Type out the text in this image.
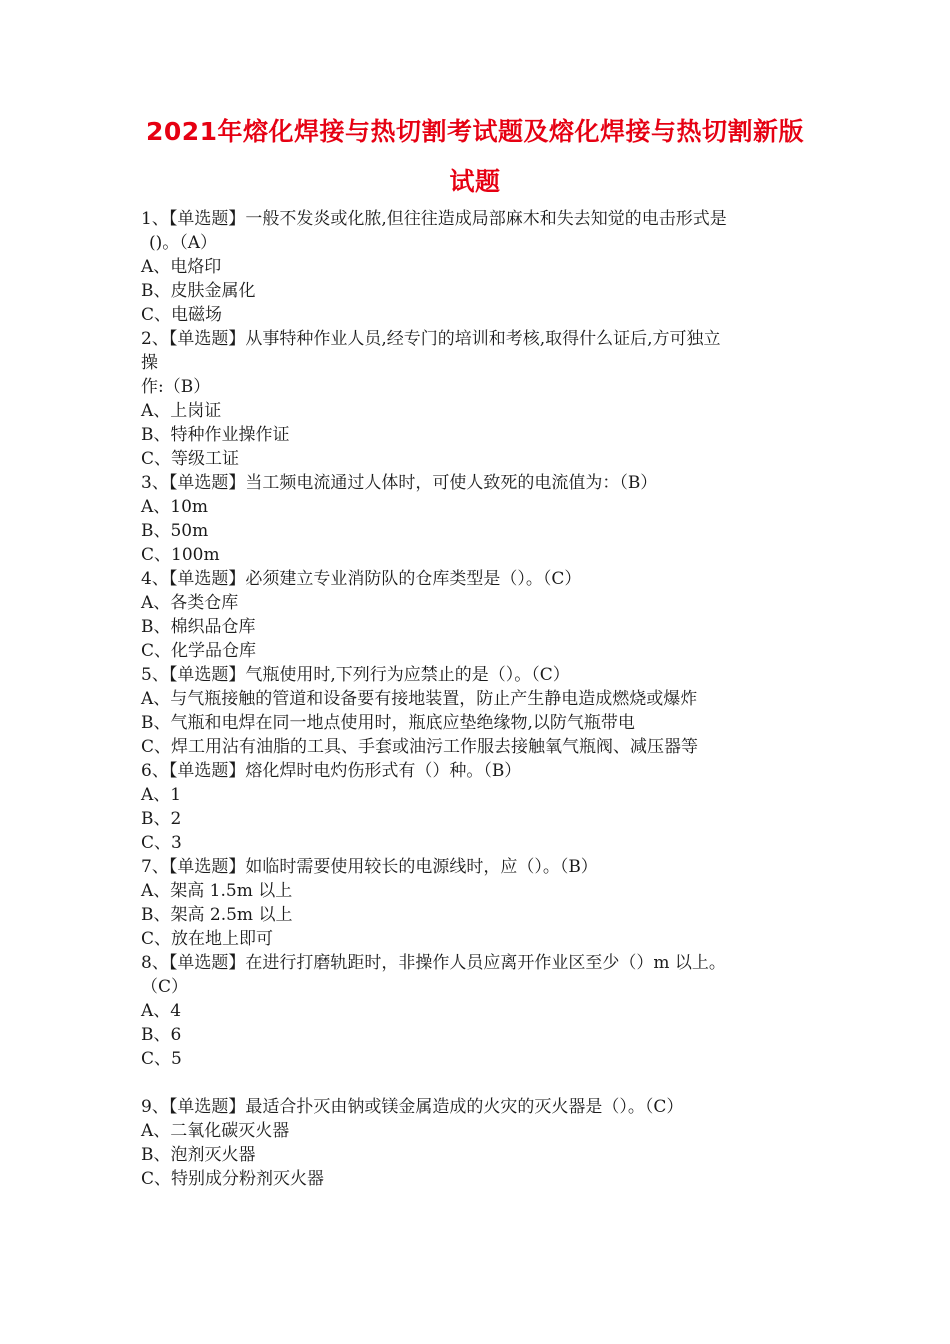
2021年熔化焊接与热切割考试题及熔化焊接与热切割新版
试题
1、【单选题】一般不发炎或化脓,但往往造成局部麻木和失去知觉的电击形式是
()。（A）
A、电烙印
B、皮肤金属化
C、电磁场
2、【单选题】从事特种作业人员,经专门的培训和考核,取得什么证后,方可独立
操
作:（B）
A、上岗证
B、特种作业操作证
C、等级工证
3、【单选题】当工频电流通过人体时，可使人致死的电流值为：（B）
A、10m
B、50m
C、100m
4、【单选题】必须建立专业消防队的仓库类型是（）。（C）
A、各类仓库
B、棉织品仓库
C、化学品仓库
5、【单选题】气瓶使用时,下列行为应禁止的是（）。（C）
A、与气瓶接触的管道和设备要有接地装置，防止产生静电造成燃烧或爆炸
B、气瓶和电焊在同一地点使用时，瓶底应垫绝缘物,以防气瓶带电
C、焊工用沾有油脂的工具、手套或油污工作服去接触氧气瓶阀、减压器等
6、【单选题】熔化焊时电灼伤形式有（）种。（B）
A、1
B、2
C、3
7、【单选题】如临时需要使用较长的电源线时，应（）。（B）
A、架高 1.5m 以上
B、架高 2.5m 以上
C、放在地上即可
8、【单选题】在进行打磨轨距时，非操作人员应离开作业区至少（）m 以上。
（C）
A、4
B、6
C、5
9、【单选题】最适合扑灭由钠或镁金属造成的火灾的灭火器是（）。（C）
A、二氧化碳灭火器
B、泡剂灭火器
C、特别成分粉剂灭火器
